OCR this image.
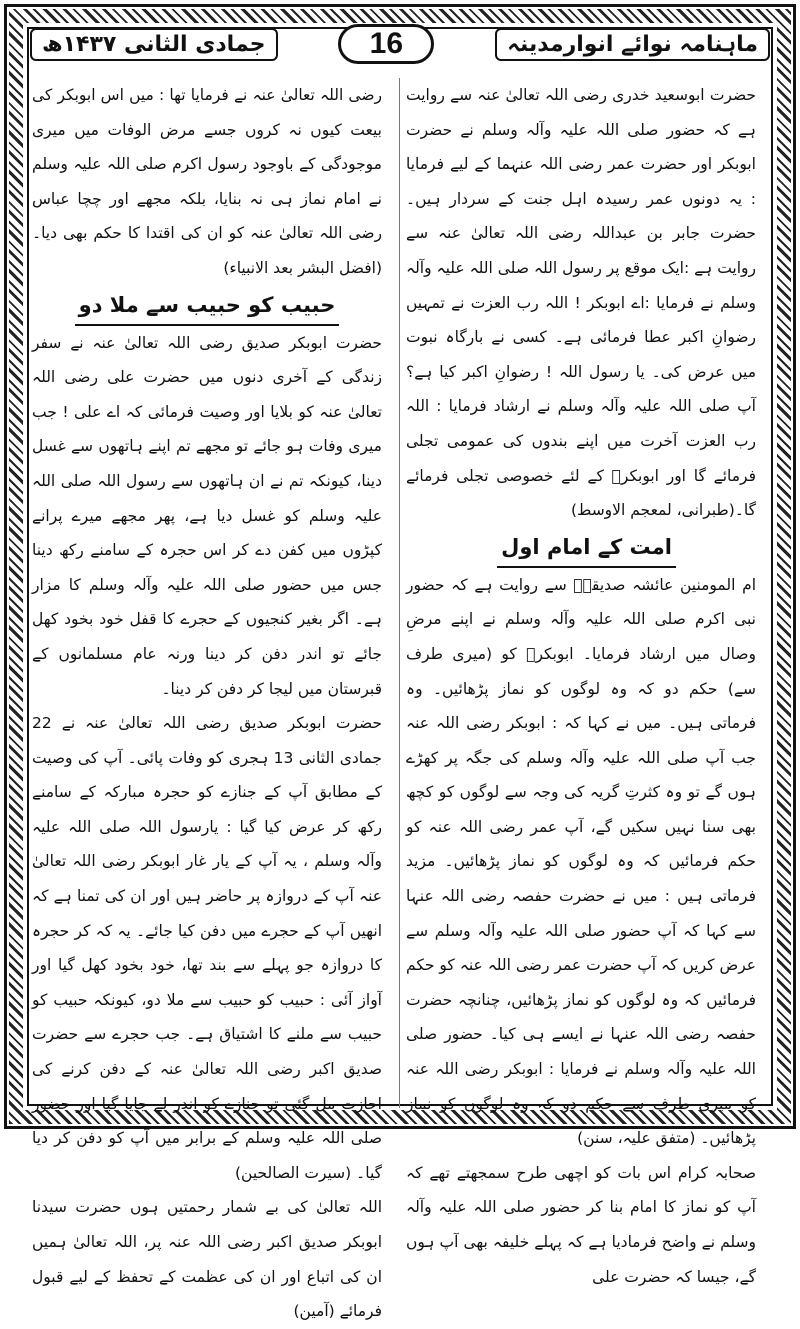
ماہنامہ نوائے انوارمدینہ
16
جمادی الثانی ۱۴۳۷ھ
حضرت ابوسعید خدری رضی اللہ تعالیٰ عنہ سے روایت ہے کہ حضور صلی اللہ علیہ وآلہ وسلم نے حضرت ابوبکر اور حضرت عمر رضی اللہ عنہما کے لیے فرمایا : یہ دونوں عمر رسیدہ اہل جنت کے سردار ہیں۔ حضرت جابر بن عبداللہ رضی اللہ تعالیٰ عنہ سے روایت ہے :ایک موقع پر رسول اللہ صلی اللہ علیہ وآلہ وسلم نے فرمایا :اے ابوبکر ! اللہ رب العزت نے تمہیں رضوانِ اکبر عطا فرمائی ہے۔ کسی نے بارگاہ نبوت میں عرض کی۔ یا رسول اللہ ! رضوانِ اکبر کیا ہے؟ آپ صلی اللہ علیہ وآلہ وسلم نے ارشاد فرمایا : اللہ رب العزت آخرت میں اپنے بندوں کی عمومی تجلی فرمائے گا اور ابوبکرؓ کے لئے خصوصی تجلی فرمائے گا۔(طبرانی، لمعجم الاوسط)
امت کے امام اول
ام المومنین عائشہ صدیقہؓ سے روایت ہے کہ حضور نبی اکرم صلی اللہ علیہ وآلہ وسلم نے اپنے مرضِ وصال میں ارشاد فرمایا۔ ابوبکرؓ کو (میری طرف سے) حکم دو کہ وہ لوگوں کو نماز پڑھائیں۔ وہ فرماتی ہیں۔ میں نے کہا کہ : ابوبکر رضی اللہ عنہ جب آپ صلی اللہ علیہ وآلہ وسلم کی جگہ پر کھڑے ہوں گے تو وہ کثرتِ گریہ کی وجہ سے لوگوں کو کچھ بھی سنا نہیں سکیں گے، آپ عمر رضی اللہ عنہ کو حکم فرمائیں کہ وہ لوگوں کو نماز پڑھائیں۔ مزید فرماتی ہیں : میں نے حضرت حفصہ رضی اللہ عنہا سے کہا کہ آپ حضور صلی اللہ علیہ وآلہ وسلم سے عرض کریں کہ آپ حضرت عمر رضی اللہ عنہ کو حکم فرمائیں کہ وہ لوگوں کو نماز پڑھائیں، چنانچہ حضرت حفصہ رضی اللہ عنہا نے ایسے ہی کیا۔ حضور صلی اللہ علیہ وآلہ وسلم نے فرمایا : ابوبکر رضی اللہ عنہ کو میری طرف سے حکم دو کہ وہ لوگوں کو نماز پڑھائیں۔ (متفق علیہ، سنن)
صحابہ کرام اس بات کو اچھی طرح سمجھتے تھے کہ آپ کو نماز کا امام بنا کر حضور صلی اللہ علیہ وآلہ وسلم نے واضح فرمادیا ہے کہ پہلے خلیفہ بھی آپ ہوں گے، جیسا کہ حضرت علی
رضی اللہ تعالیٰ عنہ نے فرمایا تھا : میں اس ابوبکر کی بیعت کیوں نہ کروں جسے مرض الوفات میں میری موجودگی کے باوجود رسول اکرم صلی اللہ علیہ وسلم نے امام نماز ہی نہ بنایا، بلکہ مجھے اور چچا عباس رضی اللہ تعالیٰ عنہ کو ان کی اقتدا کا حکم بھی دیا۔ (افضل البشر بعد الانبیاء)
حبیب کو حبیب سے ملا دو
حضرت ابوبکر صدیق رضی اللہ تعالیٰ عنہ نے سفر زندگی کے آخری دنوں میں حضرت علی رضی اللہ تعالیٰ عنہ کو بلایا اور وصیت فرمائی کہ اے علی ! جب میری وفات ہو جائے تو مجھے تم اپنے ہاتھوں سے غسل دینا، کیونکہ تم نے ان ہاتھوں سے رسول اللہ صلی اللہ علیہ وسلم کو غسل دیا ہے، پھر مجھے میرے پرانے کپڑوں میں کفن دے کر اس حجرہ کے سامنے رکھ دینا جس میں حضور صلی اللہ علیہ وآلہ وسلم کا مزار ہے۔ اگر بغیر کنجیوں کے حجرے کا قفل خود بخود کھل جائے تو اندر دفن کر دینا ورنہ عام مسلمانوں کے قبرستان میں لیجا کر دفن کر دینا۔
حضرت ابوبکر صدیق رضی اللہ تعالیٰ عنہ نے 22 جمادی الثانی 13 ہجری کو وفات پائی۔ آپ کی وصیت کے مطابق آپ کے جنازے کو حجرہ مبارکہ کے سامنے رکھ کر عرض کیا گیا : یارسول اللہ صلی اللہ علیہ وآلہ وسلم ، یہ آپ کے یار غار ابوبکر رضی اللہ تعالیٰ عنہ آپ کے دروازہ پر حاضر ہیں اور ان کی تمنا ہے کہ انھیں آپ کے حجرے میں دفن کیا جائے۔ یہ کہ کر حجرہ کا دروازہ جو پہلے سے بند تھا، خود بخود کھل گیا اور آواز آئی : حبیب کو حبیب سے ملا دو، کیونکہ حبیب کو حبیب سے ملنے کا اشتیاق ہے۔ جب حجرے سے حضرت صدیق اکبر رضی اللہ تعالیٰ عنہ کے دفن کرنے کی اجازت مل گئی تو جنازے کو اندر لے جایا گیا اور حضور صلی اللہ علیہ وسلم کے برابر میں آپ کو دفن کر دیا گیا۔ (سیرت الصالحین)
اللہ تعالیٰ کی بے شمار رحمتیں ہوں حضرت سیدنا ابوبکر صدیق اکبر رضی اللہ عنہ پر، اللہ تعالیٰ ہمیں ان کی اتباع اور ان کی عظمت کے تحفظ کے لیے قبول فرمائے (آمین)
